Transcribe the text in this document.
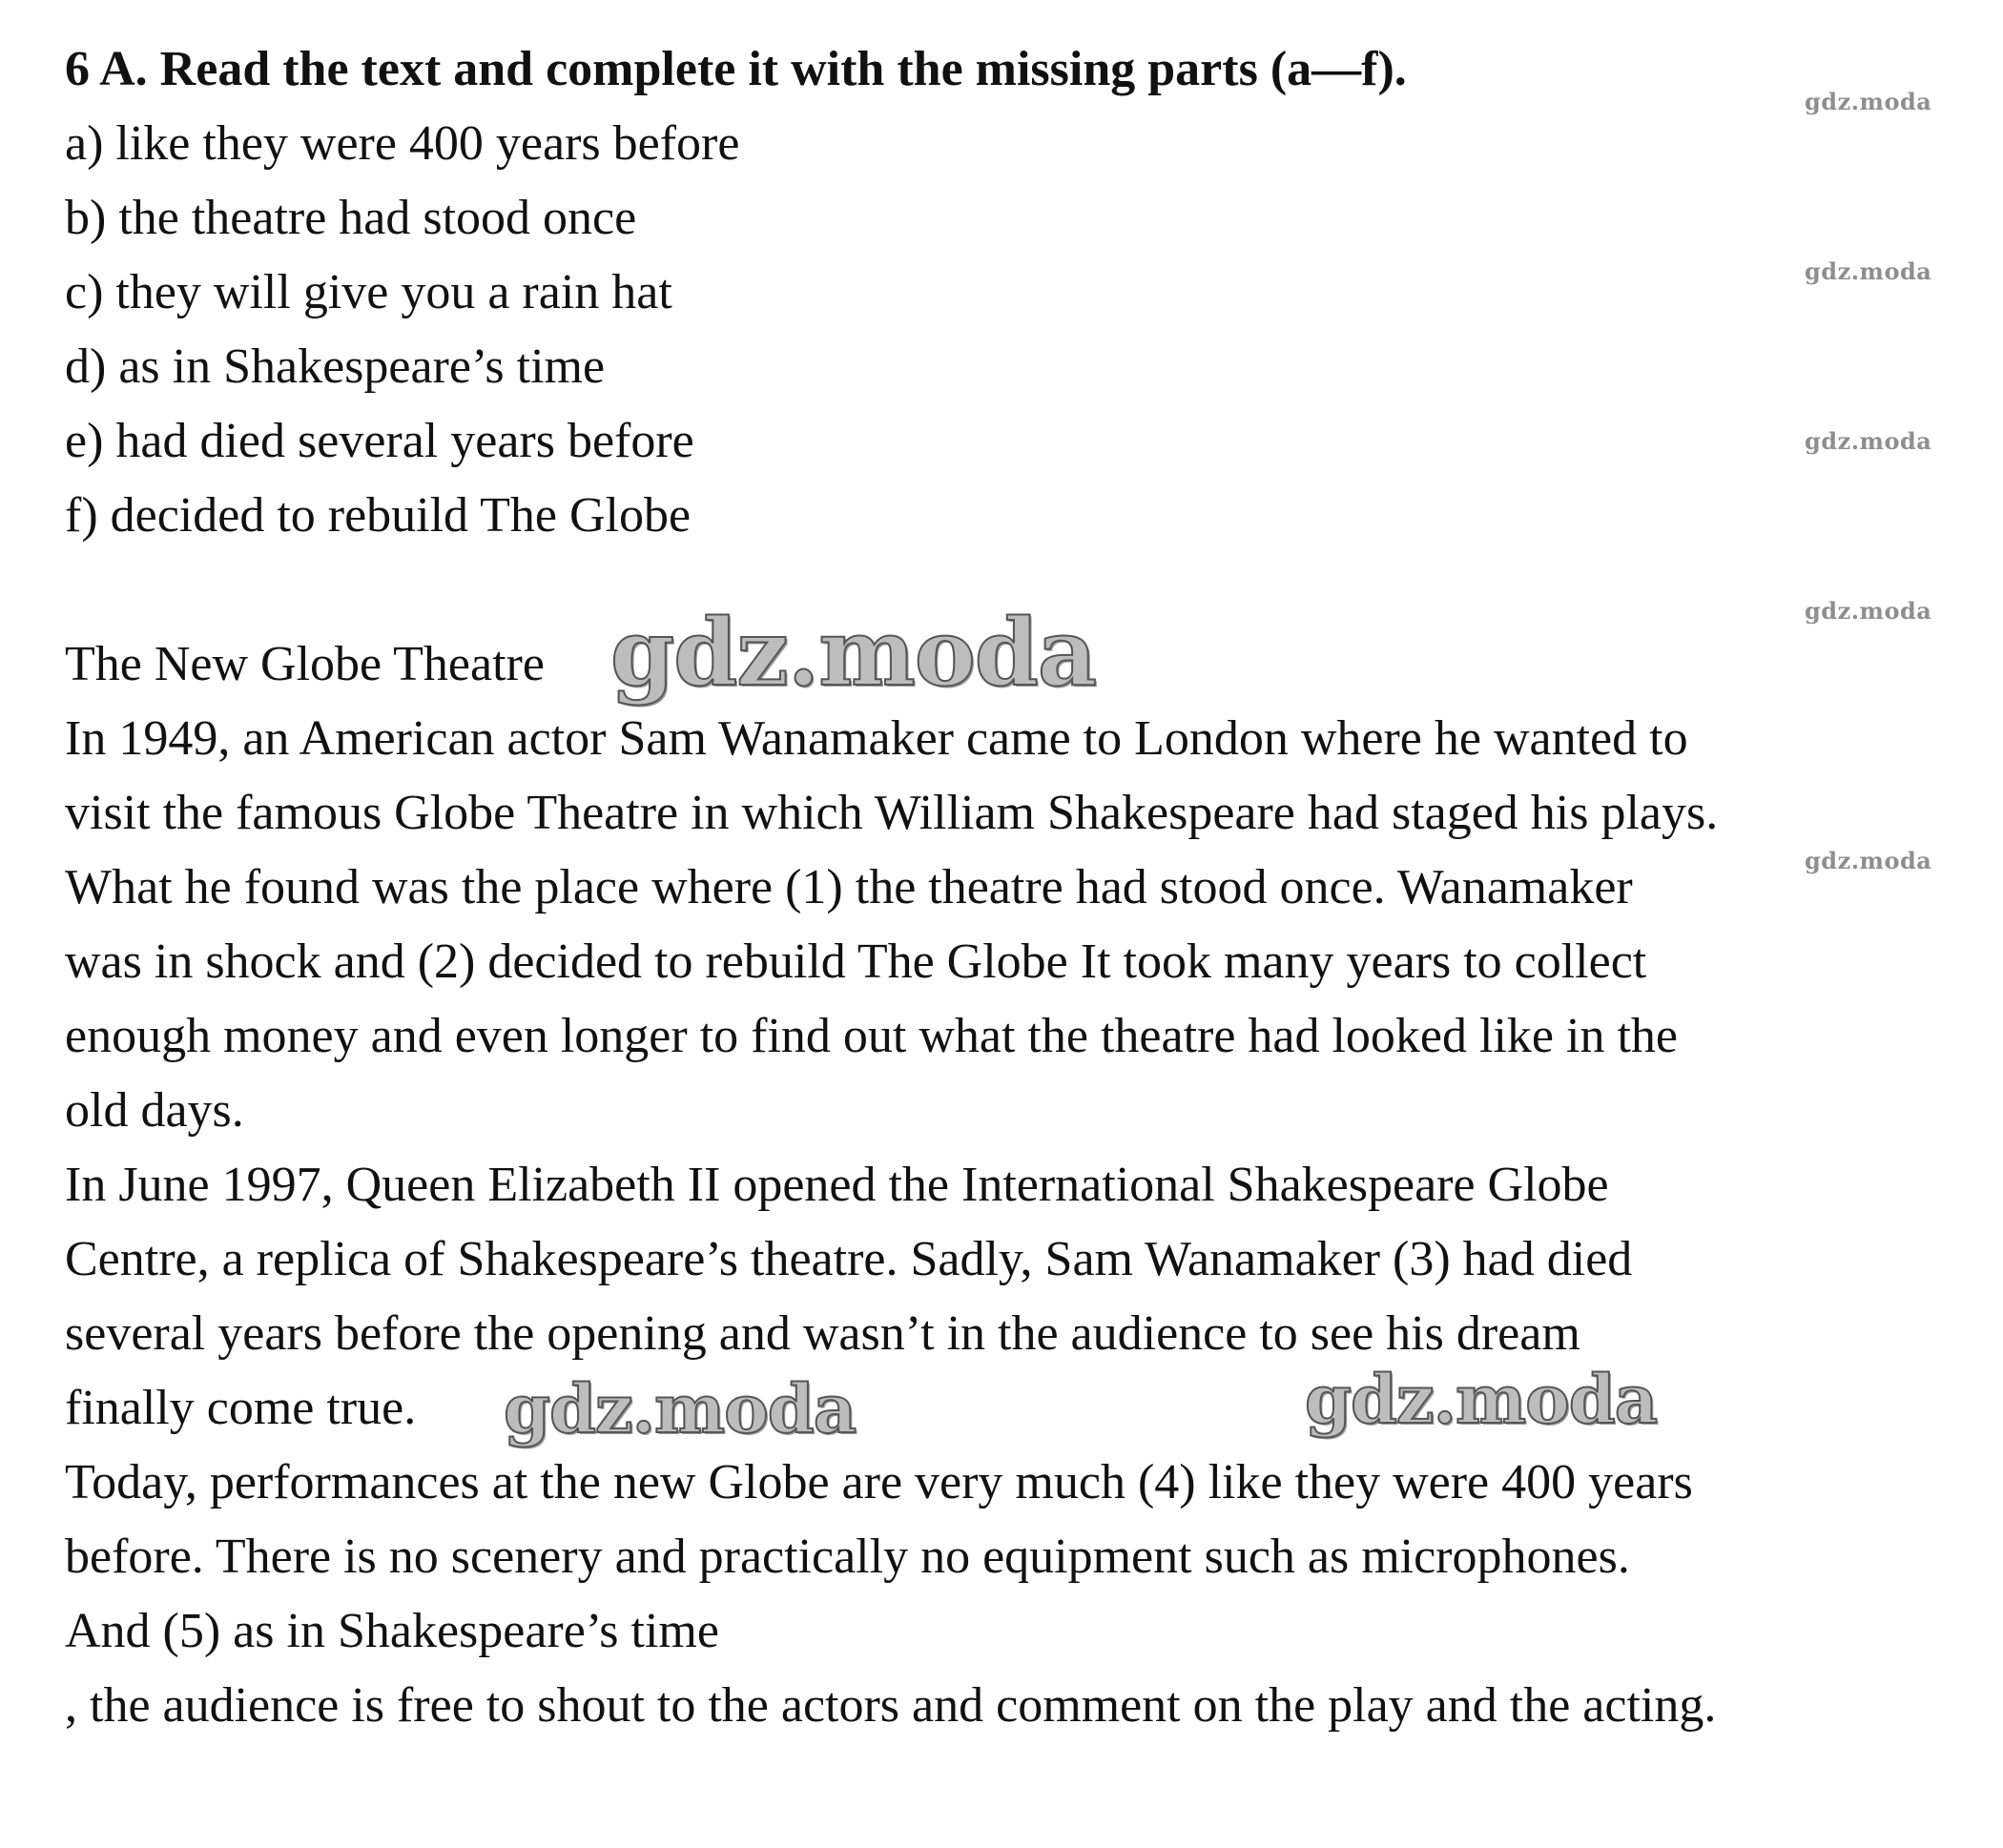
6 A. Read the text and complete it with the missing parts (a—f).
a) like they were 400 years before
b) the theatre had stood once
c) they will give you a rain hat
d) as in Shakespeare’s time
e) had died several years before
f) decided to rebuild The Globe
The New Globe Theatre
In 1949, an American actor Sam Wanamaker came to London where he wanted to
visit the famous Globe Theatre in which William Shakespeare had staged his plays.
What he found was the place where (1) the theatre had stood once. Wanamaker
was in shock and (2) decided to rebuild The Globe It took many years to collect
enough money and even longer to find out what the theatre had looked like in the
old days.
In June 1997, Queen Elizabeth II opened the International Shakespeare Globe
Centre, a replica of Shakespeare’s theatre. Sadly, Sam Wanamaker (3) had died
several years before the opening and wasn’t in the audience to see his dream
finally come true.
Today, performances at the new Globe are very much (4) like they were 400 years
before. There is no scenery and practically no equipment such as microphones.
And (5) as in Shakespeare’s time
, the audience is free to shout to the actors and comment on the play and the acting.
gdz.moda
gdz.moda
gdz.moda
gdz.moda
gdz.moda
gdz.moda
gdz.moda	gdz.moda
